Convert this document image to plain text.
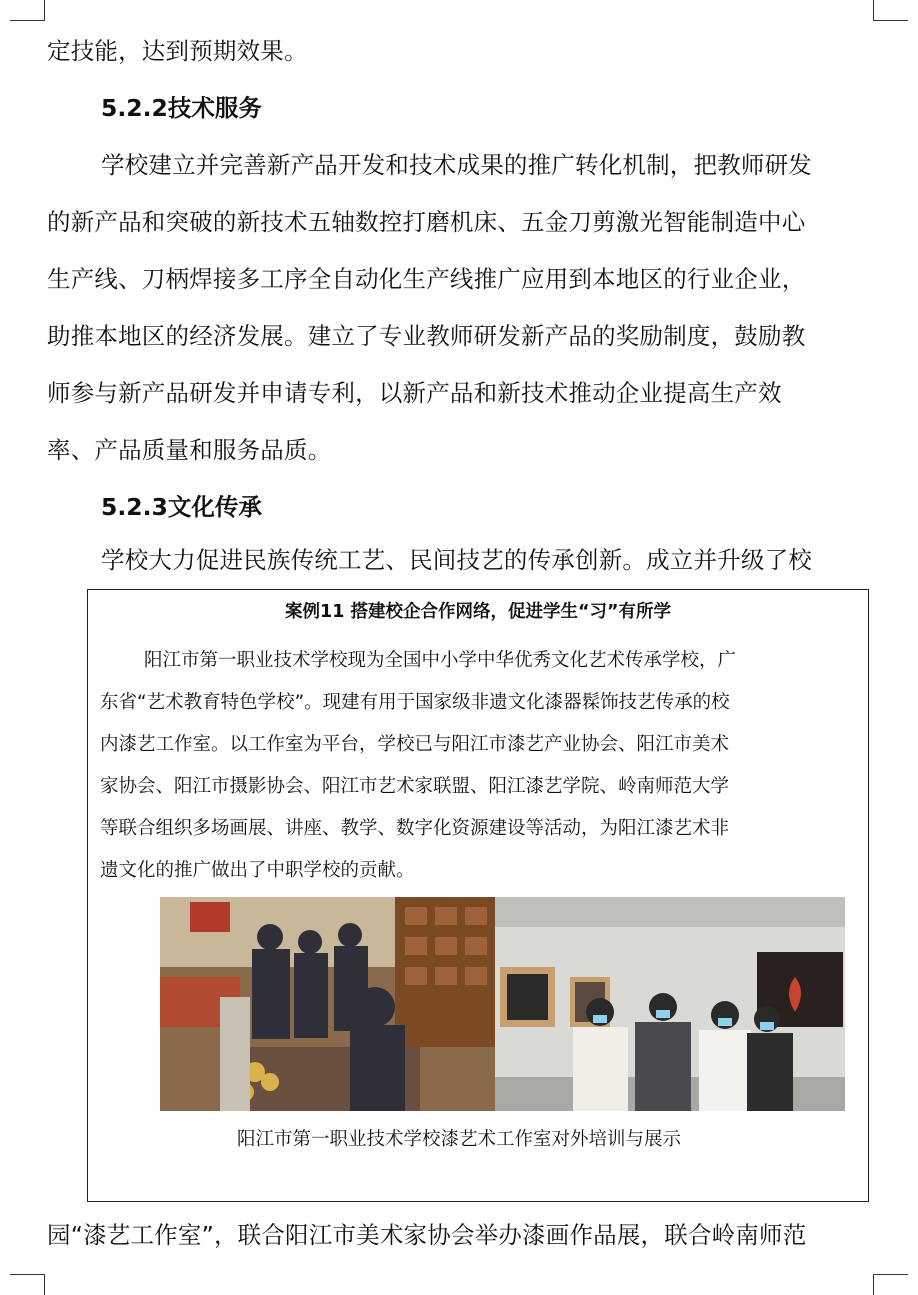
定技能，达到预期效果。
5.2.2技术服务
学校建立并完善新产品开发和技术成果的推广转化机制，把教师研发
的新产品和突破的新技术五轴数控打磨机床、五金刀剪激光智能制造中心
生产线、刀柄焊接多工序全自动化生产线推广应用到本地区的行业企业，
助推本地区的经济发展。建立了专业教师研发新产品的奖励制度，鼓励教
师参与新产品研发并申请专利，以新产品和新技术推动企业提高生产效
率、产品质量和服务品质。
5.2.3文化传承
学校大力促进民族传统工艺、民间技艺的传承创新。成立并升级了校
案例11 搭建校企合作网络，促进学生“习”有所学
阳江市第一职业技术学校现为全国中小学中华优秀文化艺术传承学校，广
东省“艺术教育特色学校”。现建有用于国家级非遗文化漆器髹饰技艺传承的校
内漆艺工作室。以工作室为平台，学校已与阳江市漆艺产业协会、阳江市美术
家协会、阳江市摄影协会、阳江市艺术家联盟、阳江漆艺学院、岭南师范大学
等联合组织多场画展、讲座、教学、数字化资源建设等活动，为阳江漆艺术非
遗文化的推广做出了中职学校的贡献。
阳江市第一职业技术学校漆艺术工作室对外培训与展示
园“漆艺工作室”，联合阳江市美术家协会举办漆画作品展，联合岭南师范
